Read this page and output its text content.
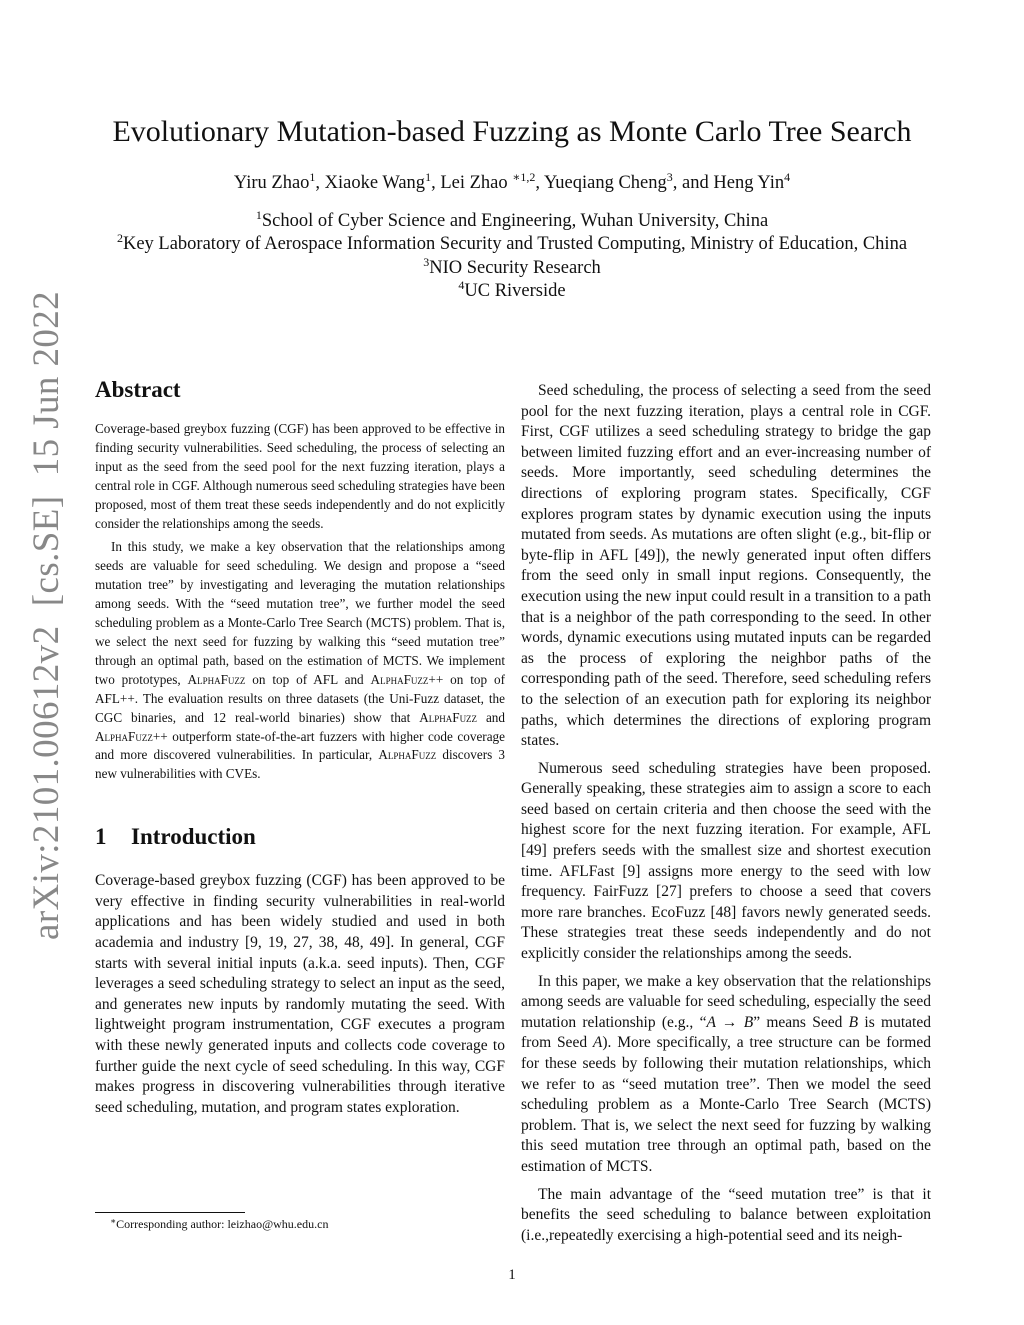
Evolutionary Mutation-based Fuzzing as Monte Carlo Tree Search
Yiru Zhao$^1$, Xiaoke Wang$^1$, Lei Zhao $^{∗1,2}$, Yueqiang Cheng$^3$, and Heng Yin$^4$
$^1$School of Cyber Science and Engineering, Wuhan University, China
$^2$Key Laboratory of Aerospace Information Security and Trusted Computing, Ministry of Education, China
$^3$NIO Security Research
$^4$UC Riverside
arXiv:2101.00612v2  [cs.SE]  15 Jun 2022 Abstract

Coverage-based greybox fuzzing (CGF) has been approved to be effective in finding security vulnerabilities. Seed scheduling, the process of selecting an input as the seed from the seed pool for the next fuzzing iteration, plays a central role in CGF. Although numerous seed scheduling strategies have been proposed, most of them treat these seeds independently and do not explicitly consider the relationships among the seeds.

In this study, we make a key observation that the relationships among seeds are valuable for seed scheduling. We design and propose a “seed mutation tree” by investigating and leveraging the mutation relationships among seeds. With the “seed mutation tree”, we further model the seed scheduling problem as a Monte-Carlo Tree Search (MCTS) problem. That is, we select the next seed for fuzzing by walking this “seed mutation tree” through an optimal path, based on the estimation of MCTS. We implement two prototypes, AlphaFuzz on top of AFL and AlphaFuzz++ on top of AFL++. The evaluation results on three datasets (the Uni-Fuzz dataset, the CGC binaries, and 12 real-world binaries) show that AlphaFuzz and AlphaFuzz++ outperform state-of-the-art fuzzers with higher code coverage and more discovered vulnerabilities. In particular, AlphaFuzz discovers 3 new vulnerabilities with CVEs.

1 Introduction

Coverage-based greybox fuzzing (CGF) has been approved to be very effective in finding security vulnerabilities in real-world applications and has been widely studied and used in both academia and industry [9, 19, 27, 38, 48, 49]. In general, CGF starts with several initial inputs (a.k.a. seed inputs). Then, CGF leverages a seed scheduling strategy to select an input as the seed, and generates new inputs by randomly mutating the seed. With lightweight program instrumentation, CGF executes a program with these newly generated inputs and collects code coverage to further guide the next cycle of seed scheduling. In this way, CGF makes progress in discovering vulnerabilities through iterative seed scheduling, mutation, and program states exploration.

∗Corresponding author: leizhao@whu.edu.cn

Seed scheduling, the process of selecting a seed from the seed pool for the next fuzzing iteration, plays a central role in CGF. First, CGF utilizes a seed scheduling strategy to bridge the gap between limited fuzzing effort and an ever-increasing number of seeds. More importantly, seed scheduling determines the directions of exploring program states. Specifically, CGF explores program states by dynamic execution using the inputs mutated from seeds. As mutations are often slight (e.g., bit-flip or byte-flip in AFL [49]), the newly generated input often differs from the seed only in small input regions. Consequently, the execution using the new input could result in a transition to a path that is a neighbor of the path corresponding to the seed. In other words, dynamic executions using mutated inputs can be regarded as the process of exploring the neighbor paths of the corresponding path of the seed. Therefore, seed scheduling refers to the selection of an execution path for exploring its neighbor paths, which determines the directions of exploring program states.

Numerous seed scheduling strategies have been proposed. Generally speaking, these strategies aim to assign a score to each seed based on certain criteria and then choose the seed with the highest score for the next fuzzing iteration. For example, AFL [49] prefers seeds with the smallest size and shortest execution time. AFLFast [9] assigns more energy to the seed with low frequency. FairFuzz [27] prefers to choose a seed that covers more rare branches. EcoFuzz [48] favors newly generated seeds. These strategies treat these seeds independently and do not explicitly consider the relationships among the seeds.

In this paper, we make a key observation that the relationships among seeds are valuable for seed scheduling, especially the seed mutation relationship (e.g., “A → B” means Seed B is mutated from Seed A). More specifically, a tree structure can be formed for these seeds by following their mutation relationships, which we refer to as “seed mutation tree”. Then we model the seed scheduling problem as a Monte-Carlo Tree Search (MCTS) problem. That is, we select the next seed for fuzzing by walking this seed mutation tree through an optimal path, based on the estimation of MCTS.

The main advantage of the “seed mutation tree” is that it benefits the seed scheduling to balance between exploitation (i.e.,repeatedly exercising a high-potential seed and its neigh-

1
